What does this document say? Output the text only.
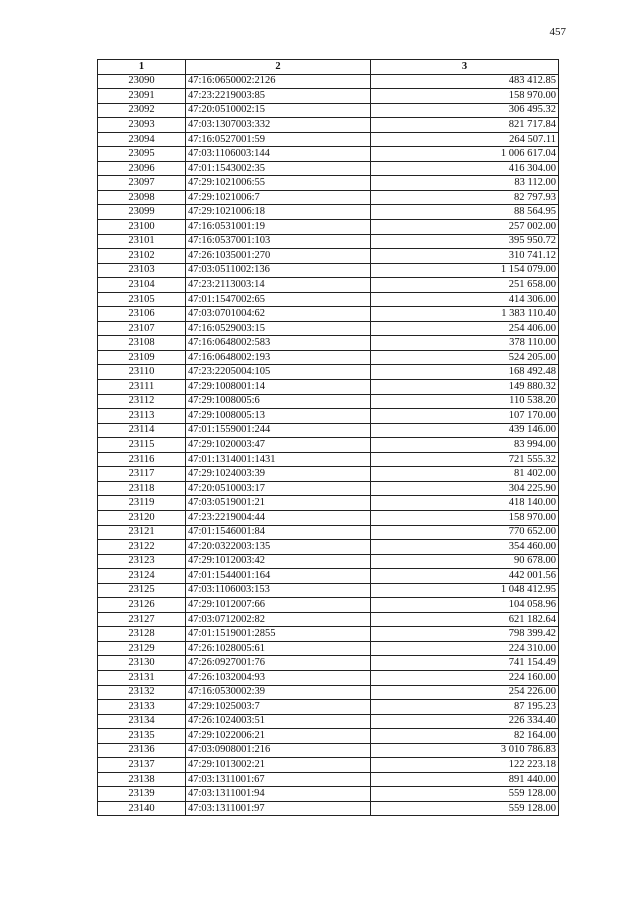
457
1	2	3
23090	47:16:0650002:2126	483 412.85
23091	47:23:2219003:85	158 970.00
23092	47:20:0510002:15	306 495.32
23093	47:03:1307003:332	821 717.84
23094	47:16:0527001:59	264 507.11
23095	47:03:1106003:144	1 006 617.04
23096	47:01:1543002:35	416 304.00
23097	47:29:1021006:55	83 112.00
23098	47:29:1021006:7	82 797.93
23099	47:29:1021006:18	88 564.95
23100	47:16:0531001:19	257 002.00
23101	47:16:0537001:103	395 950.72
23102	47:26:1035001:270	310 741.12
23103	47:03:0511002:136	1 154 079.00
23104	47:23:2113003:14	251 658.00
23105	47:01:1547002:65	414 306.00
23106	47:03:0701004:62	1 383 110.40
23107	47:16:0529003:15	254 406.00
23108	47:16:0648002:583	378 110.00
23109	47:16:0648002:193	524 205.00
23110	47:23:2205004:105	168 492.48
23111	47:29:1008001:14	149 880.32
23112	47:29:1008005:6	110 538.20
23113	47:29:1008005:13	107 170.00
23114	47:01:1559001:244	439 146.00
23115	47:29:1020003:47	83 994.00
23116	47:01:1314001:1431	721 555.32
23117	47:29:1024003:39	81 402.00
23118	47:20:0510003:17	304 225.90
23119	47:03:0519001:21	418 140.00
23120	47:23:2219004:44	158 970.00
23121	47:01:1546001:84	770 652.00
23122	47:20:0322003:135	354 460.00
23123	47:29:1012003:42	90 678.00
23124	47:01:1544001:164	442 001.56
23125	47:03:1106003:153	1 048 412.95
23126	47:29:1012007:66	104 058.96
23127	47:03:0712002:82	621 182.64
23128	47:01:1519001:2855	798 399.42
23129	47:26:1028005:61	224 310.00
23130	47:26:0927001:76	741 154.49
23131	47:26:1032004:93	224 160.00
23132	47:16:0530002:39	254 226.00
23133	47:29:1025003:7	87 195.23
23134	47:26:1024003:51	226 334.40
23135	47:29:1022006:21	82 164.00
23136	47:03:0908001:216	3 010 786.83
23137	47:29:1013002:21	122 223.18
23138	47:03:1311001:67	891 440.00
23139	47:03:1311001:94	559 128.00
23140	47:03:1311001:97	559 128.00
